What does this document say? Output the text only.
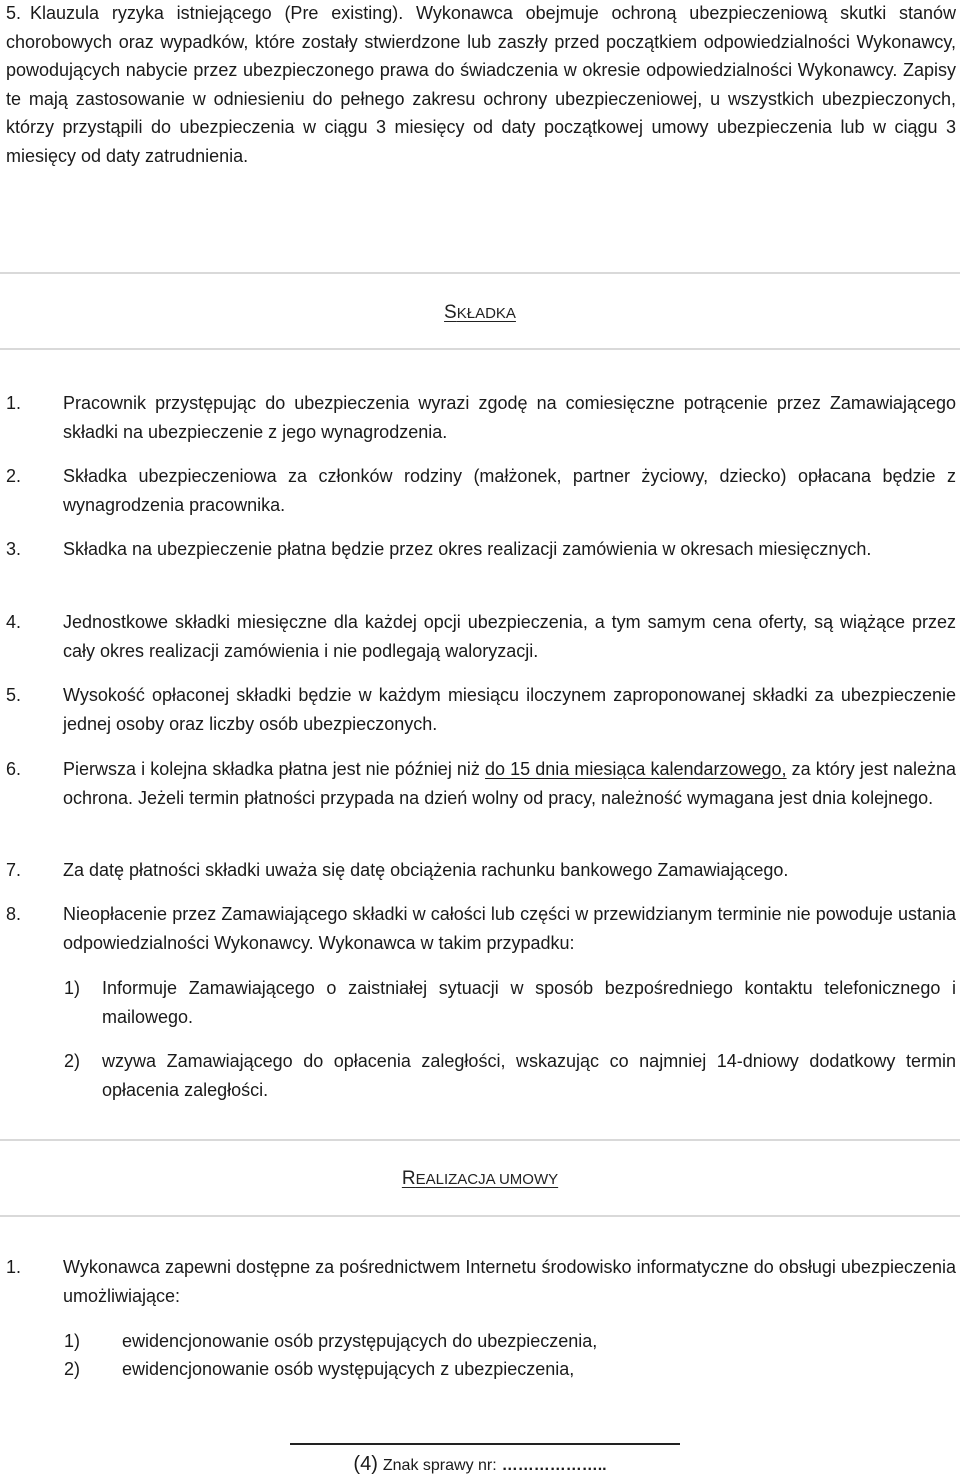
5. Klauzula ryzyka istniejącego (Pre existing). Wykonawca obejmuje ochroną ubezpieczeniową skutki stanów chorobowych oraz wypadków, które zostały stwierdzone lub zaszły przed początkiem odpowiedzialności Wykonawcy, powodujących nabycie przez ubezpieczonego prawa do świadczenia w okresie odpowiedzialności Wykonawcy. Zapisy te mają zastosowanie w odniesieniu do pełnego zakresu ochrony ubezpieczeniowej, u wszystkich ubezpieczonych, którzy przystąpili do ubezpieczenia w ciągu 3 miesięcy od daty początkowej umowy ubezpieczenia lub w ciągu 3 miesięcy od daty zatrudnienia.
SKŁADKA
1. Pracownik przystępując do ubezpieczenia wyrazi zgodę na comiesięczne potrącenie przez Zamawiającego składki na ubezpieczenie z jego wynagrodzenia.
2. Składka ubezpieczeniowa za członków rodziny (małżonek, partner życiowy, dziecko) opłacana będzie z wynagrodzenia pracownika.
3. Składka na ubezpieczenie płatna będzie przez okres realizacji zamówienia w okresach miesięcznych.
4. Jednostkowe składki miesięczne dla każdej opcji ubezpieczenia, a tym samym cena oferty, są wiążące przez cały okres realizacji zamówienia i nie podlegają waloryzacji.
5. Wysokość opłaconej składki będzie w każdym miesiącu iloczynem zaproponowanej składki za ubezpieczenie jednej osoby oraz liczby osób ubezpieczonych.
6. Pierwsza i kolejna składka płatna jest nie później niż do 15 dnia miesiąca kalendarzowego, za który jest należna ochrona. Jeżeli termin płatności przypada na dzień wolny od pracy, należność wymagana jest dnia kolejnego.
7. Za datę płatności składki uważa się datę obciążenia rachunku bankowego Zamawiającego.
8. Nieopłacenie przez Zamawiającego składki w całości lub części w przewidzianym terminie nie powoduje ustania odpowiedzialności Wykonawcy. Wykonawca w takim przypadku:
1) Informuje Zamawiającego o zaistniałej sytuacji w sposób bezpośredniego kontaktu telefonicznego i mailowego.
2) wzywa Zamawiającego do opłacenia zaległości, wskazując co najmniej 14-dniowy dodatkowy termin opłacenia zaległości.
REALIZACJA UMOWY
1. Wykonawca zapewni dostępne za pośrednictwem Internetu środowisko informatyczne do obsługi ubezpieczenia umożliwiające:
1) ewidencjonowanie osób przystępujących do ubezpieczenia,
2) ewidencjonowanie osób występujących z ubezpieczenia,
(4) Znak sprawy nr: ………………..
